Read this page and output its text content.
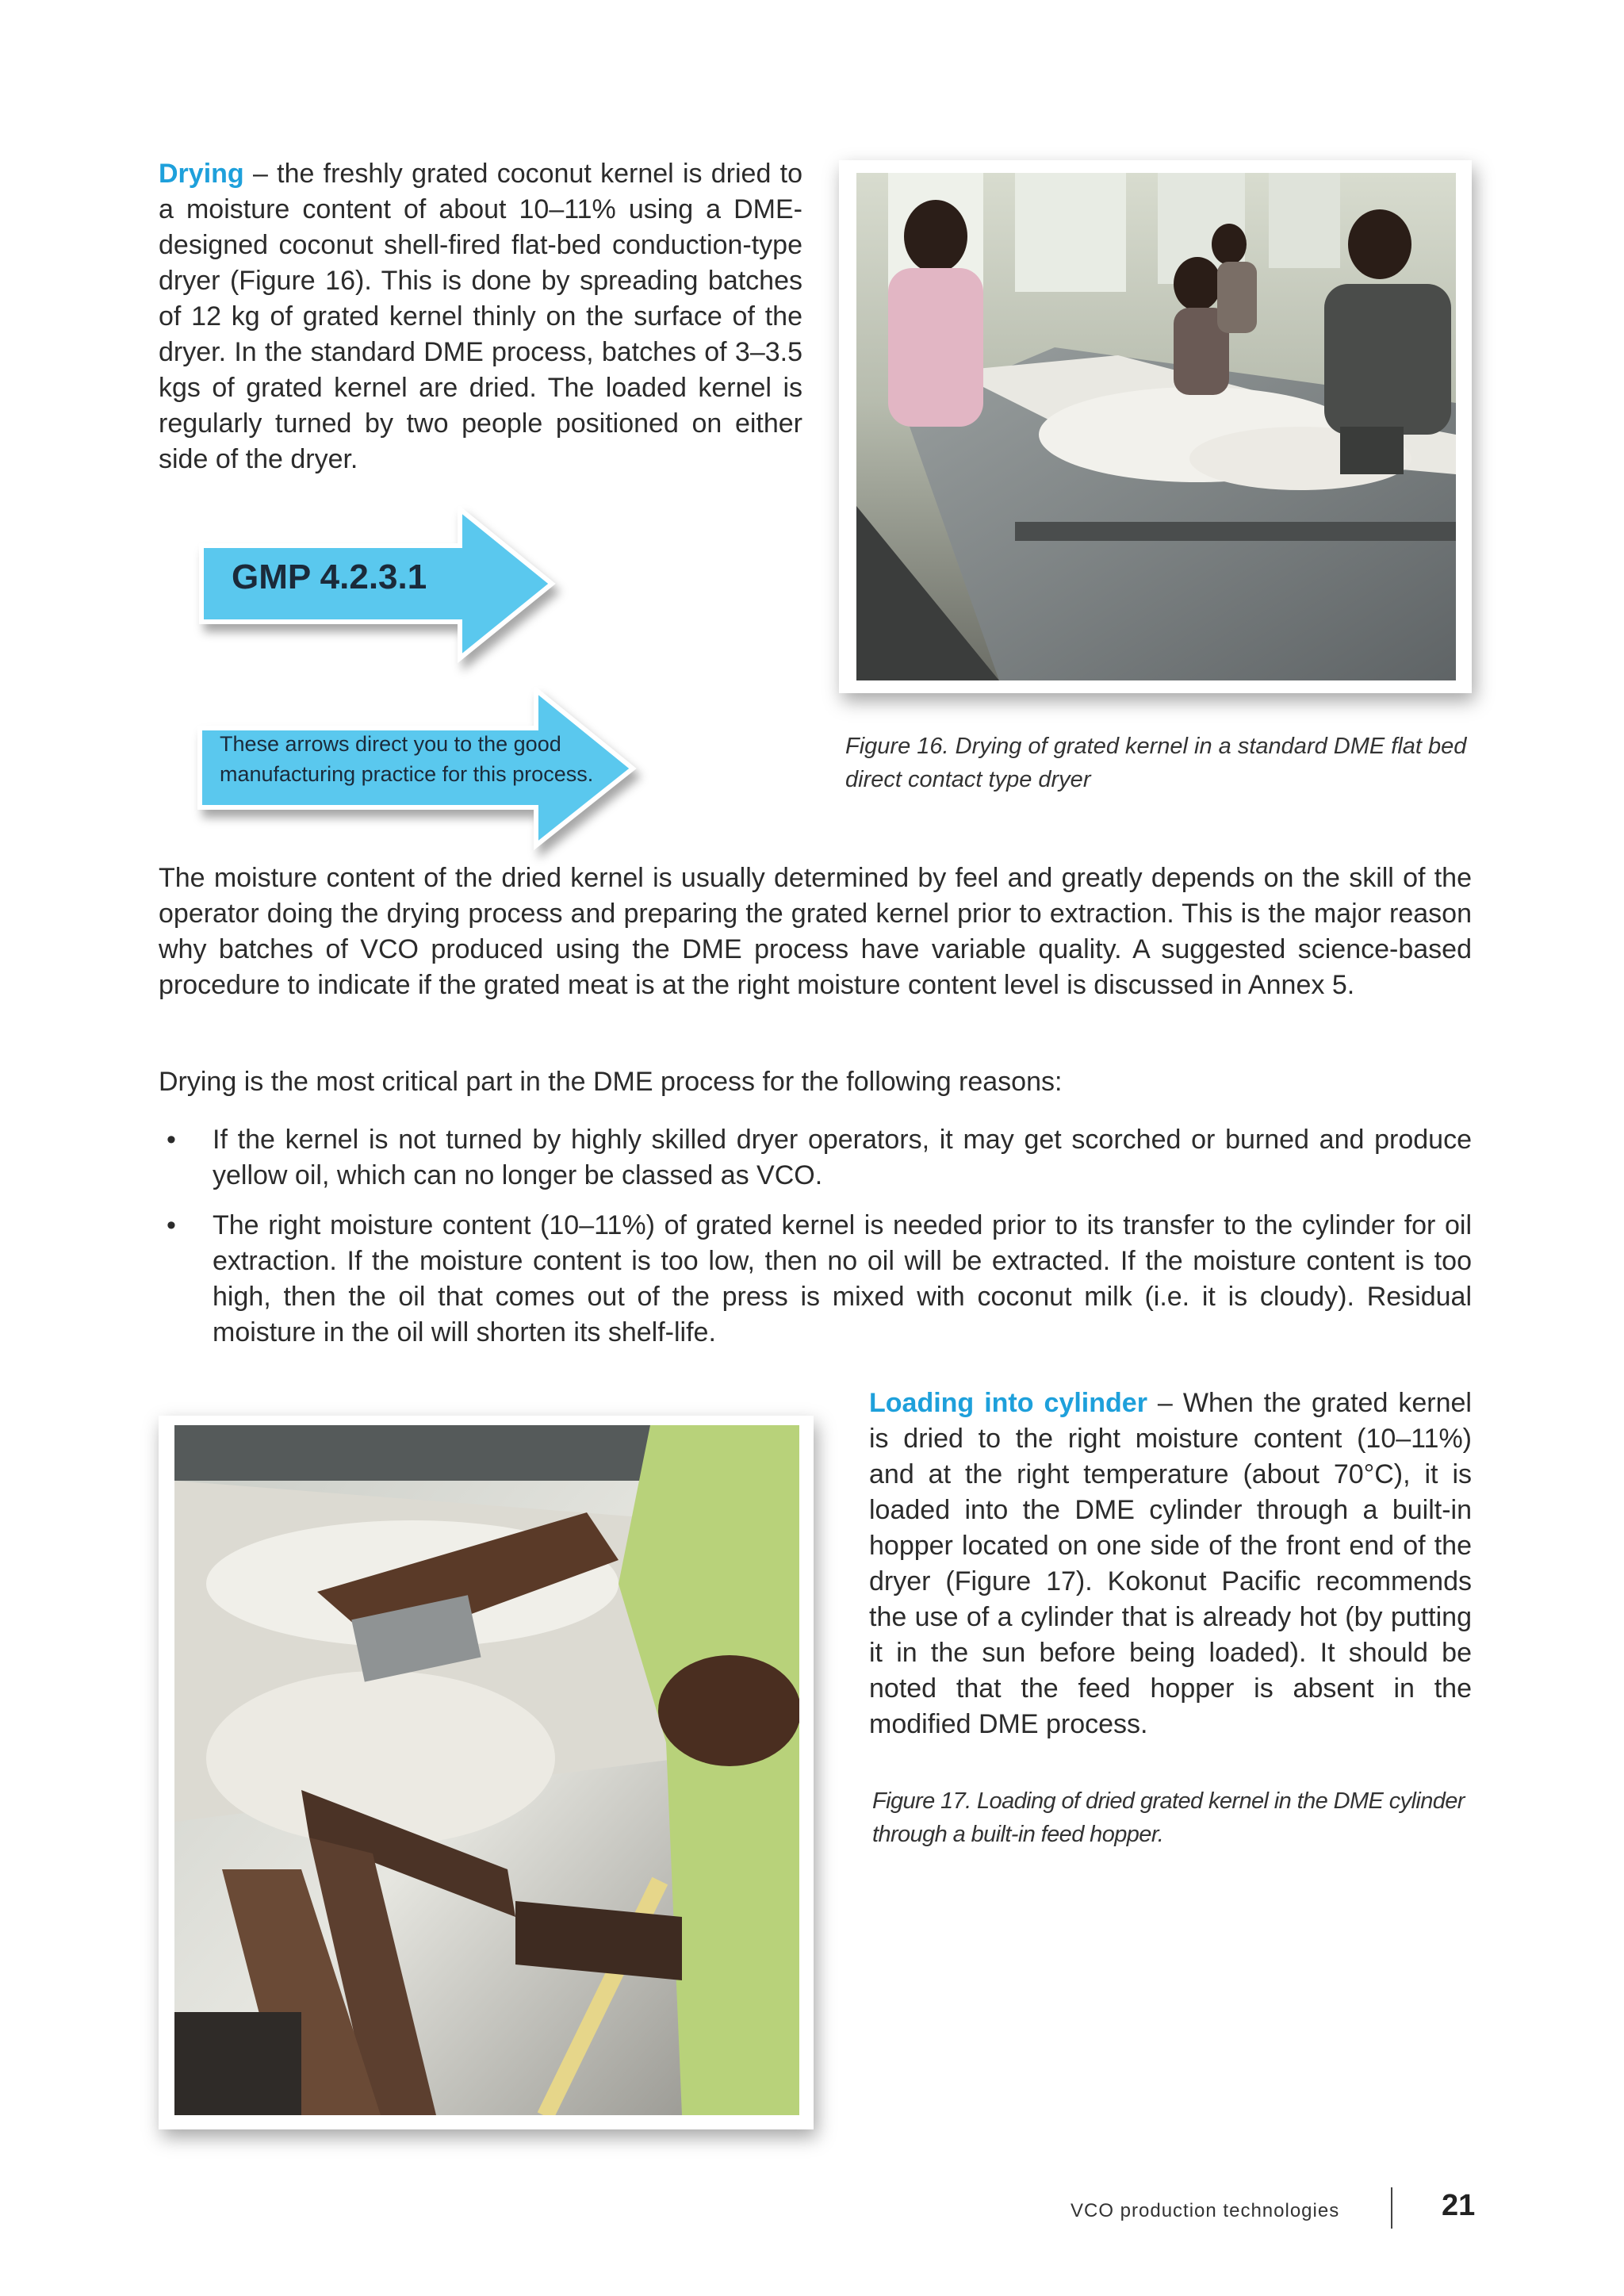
Drying – the freshly grated coconut kernel is dried to a moisture content of about 10–11% using a DME-designed coconut shell-fired flat-bed conduction-type dryer (Figure 16). This is done by spreading batches of 12 kg of grated kernel thinly on the surface of the dryer. In the standard DME process, batches of 3–3.5 kgs of grated kernel are dried. The loaded kernel is regularly turned by two people positioned on either side of the dryer.
GMP 4.2.3.1
These arrows direct you to the good
manufacturing practice for this process.
Figure 16. Drying of grated kernel in a standard DME flat bed
direct contact type dryer

The moisture content of the dried kernel is usually determined by feel and greatly depends on the skill of the operator doing the drying process and preparing the grated kernel prior to extraction. This is the major reason why batches of VCO produced using the DME process have variable quality. A suggested science-based procedure to indicate if the grated meat is at the right moisture content level is discussed in Annex 5.

Drying is the most critical part in the DME process for the following reasons:

• If the kernel is not turned by highly skilled dryer operators, it may get scorched or burned and produce yellow oil, which can no longer be classed as VCO.
• The right moisture content (10–11%) of grated kernel is needed prior to its transfer to the cylinder for oil extraction. If the moisture content is too low, then no oil will be extracted. If the moisture content is too high, then the oil that comes out of the press is mixed with coconut milk (i.e. it is cloudy). Residual moisture in the oil will shorten its shelf-life.
Loading into cylinder – When the grated kernel is dried to the right moisture content (10–11%) and at the right temperature (about 70°C), it is loaded into the DME cylinder through a built-in hopper located on one side of the front end of the dryer (Figure 17). Kokonut Pacific recommends the use of a cylinder that is already hot (by putting it in the sun before being loaded). It should be noted that the feed hopper is absent in the modified DME process.
Figure 17. Loading of dried grated kernel in the DME cylinder
through a built-in feed hopper.
VCO production technologies	21
